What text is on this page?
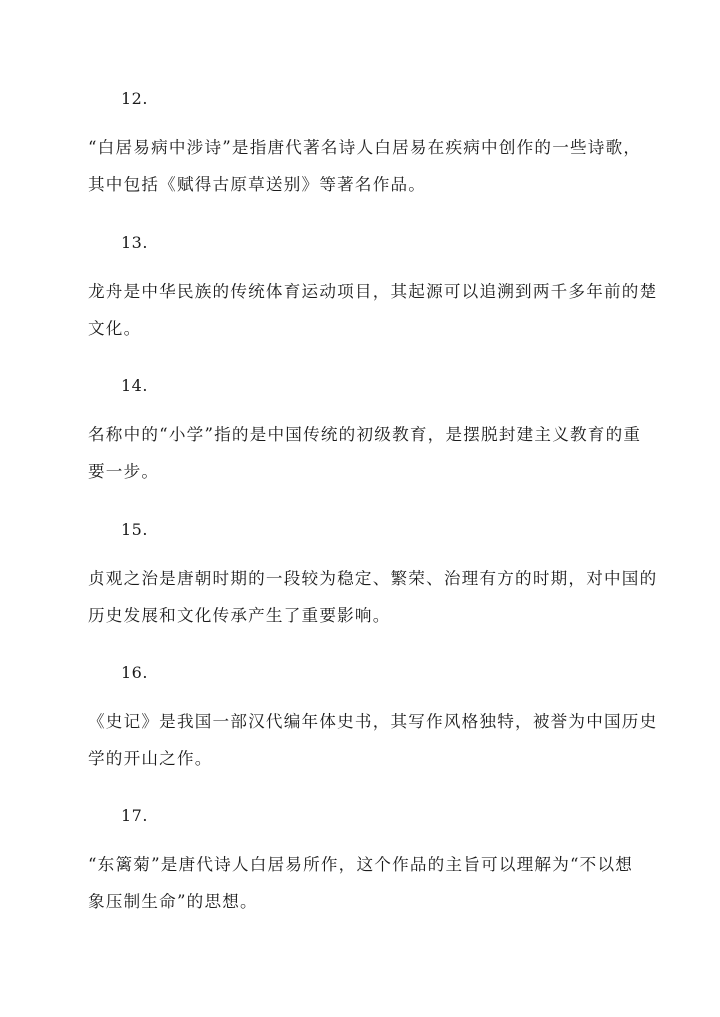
12.
“白居易病中涉诗”是指唐代著名诗人白居易在疾病中创作的一些诗歌，
其中包括《赋得古原草送别》等著名作品。
13.
龙舟是中华民族的传统体育运动项目，其起源可以追溯到两千多年前的楚
文化。
14.
名称中的“小学”指的是中国传统的初级教育，是摆脱封建主义教育的重
要一步。
15.
贞观之治是唐朝时期的一段较为稳定、繁荣、治理有方的时期，对中国的
历史发展和文化传承产生了重要影响。
16.
《史记》是我国一部汉代编年体史书，其写作风格独特，被誉为中国历史
学的开山之作。
17.
“东篱菊”是唐代诗人白居易所作，这个作品的主旨可以理解为“不以想
象压制生命”的思想。
